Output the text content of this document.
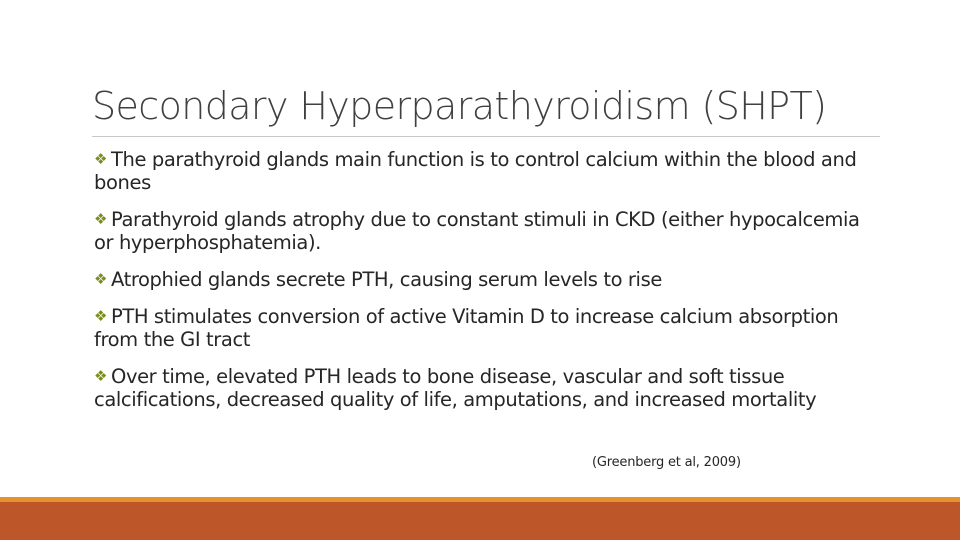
Secondary Hyperparathyroidism (SHPT)
❖ The parathyroid glands main function is to control calcium within the blood and bones
❖ Parathyroid glands atrophy due to constant stimuli in CKD (either hypocalcemia or hyperphosphatemia).
❖ Atrophied glands secrete PTH, causing serum levels to rise
❖ PTH stimulates conversion of active Vitamin D to increase calcium absorption from the GI tract
❖ Over time, elevated PTH leads to bone disease, vascular and soft tissue calcifications, decreased quality of life, amputations, and increased mortality
(Greenberg et al, 2009)
